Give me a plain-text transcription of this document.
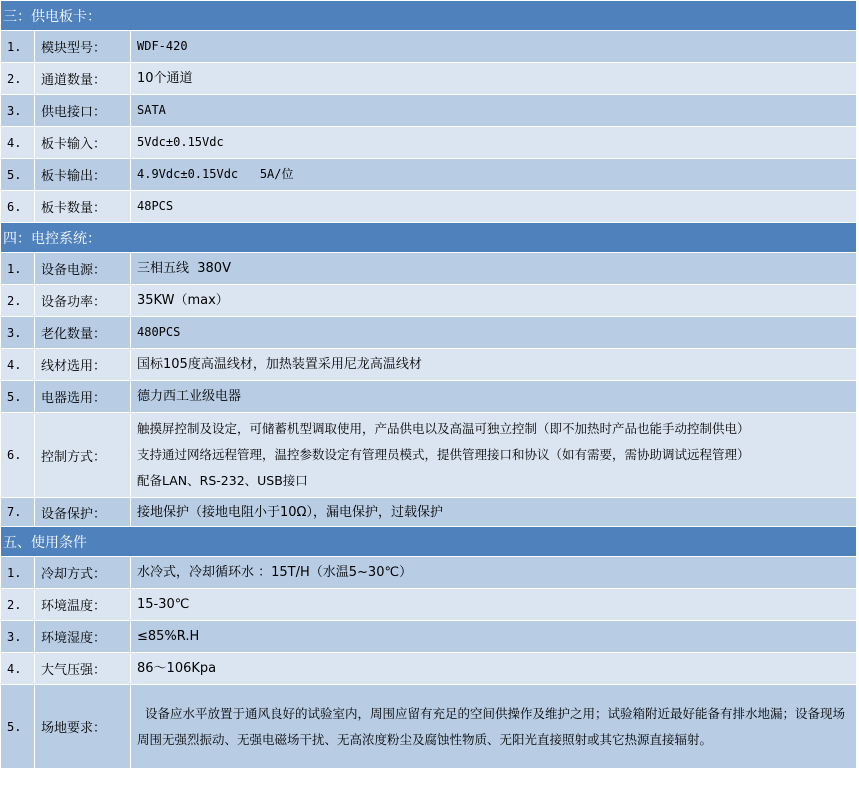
三：供电板卡：		
1.	模块型号：	WDF-420
2.	通道数量：	10个通道
3.	供电接口：	SATA
4.	板卡输入：	5Vdc±0.15Vdc
5.	板卡输出：	4.9Vdc±0.15Vdc   5A/位
6.	板卡数量：	48PCS
四：电控系统：		
1.	设备电源：	三相五线  380V
2.	设备功率：	35KW（max）
3.	老化数量：	480PCS
4.	线材选用：	国标105度高温线材，加热装置采用尼龙高温线材
5.	电器选用：	德力西工业级电器
6.	控制方式：	触摸屏控制及设定，可储蓄机型调取使用，产品供电以及高温可独立控制（即不加热时产品也能手动控制供电）
支持通过网络远程管理，温控参数设定有管理员模式，提供管理接口和协议（如有需要，需协助调试远程管理）
配备LAN、RS-232、USB接口

7.	设备保护：	接地保护（接地电阻小于10Ω），漏电保护，过载保护
五、使用条件		
1.	冷却方式：	水冷式，冷却循环水 ：15T/H（水温5~30℃）
2.	环境温度：	15-30℃
3.	环境湿度：	≤85%R.H
4.	大气压强：	86～106Kpa
5.	场地要求：	设备应水平放置于通风良好的试验室内，周围应留有充足的空间供操作及维护之用；试验箱附近最好能备有排水地漏；设备现场周围无强烈振动、无强电磁场干扰、无高浓度粉尘及腐蚀性物质、无阳光直接照射或其它热源直接辐射。
